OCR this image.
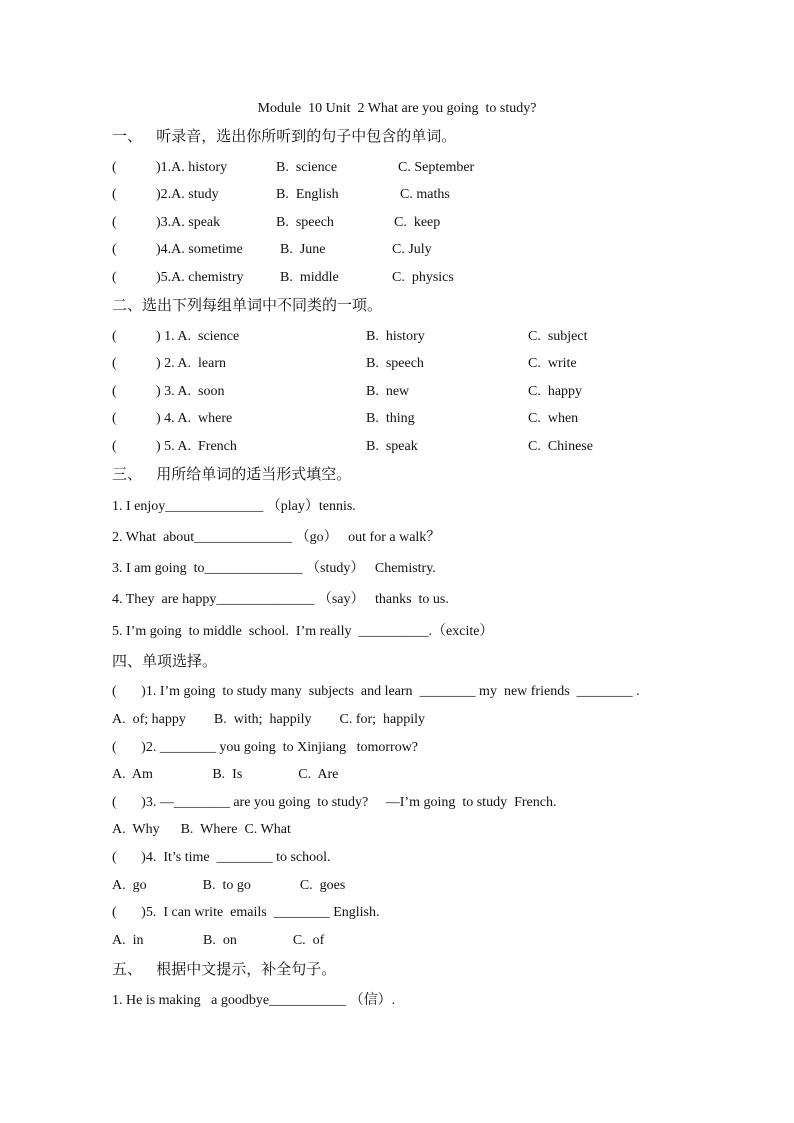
Module  10 Unit  2 What are you going  to study?
一、   听录音，选出你所听到的句子中包含的单词。
(	)1.A. history	B.  science	C. September
(	)2.A. study	B.  English	C. maths
(	)3.A. speak	B.  speech	C.  keep
(	)4.A. sometime	B.  June	C. July
(	)5.A. chemistry	B.  middle	C.  physics
二、选出下列每组单词中不同类的一项。
(	) 1. A.  science	B.  history	C.  subject
(	) 2. A.  learn	B.  speech	C.  write
(	) 3. A.  soon	B.  new	C.  happy
(	) 4. A.  where	B.  thing	C.  when
(	) 5. A.  French	B.  speak	C.  Chinese
三、   用所给单词的适当形式填空。
1. I enjoy______________ （play）tennis.
2. What  about______________ （go）   out for a walk？
3. I am going  to______________ （study）   Chemistry.
4. They  are happy______________ （say）   thanks  to us.
5. I’m going  to middle  school.  I’m really  __________.（excite）
四、单项选择。
(       )1. I’m going  to study many  subjects  and learn  ________ my  new friends  ________ .
A.  of; happy        B.  with;  happily        C. for;  happily
(       )2. ________ you going  to Xinjiang   tomorrow?
A.  Am                 B.  Is                C.  Are
(       )3. —________ are you going  to study?     —I’m going  to study  French.
A.  Why      B.  Where  C. What
(       )4.  It’s time  ________ to school.
A.  go                B.  to go              C.  goes
(       )5.  I can write  emails  ________ English.
A.  in                 B.  on                C.  of
五、   根据中文提示，补全句子。
1. He is making   a goodbye___________ （信）.
